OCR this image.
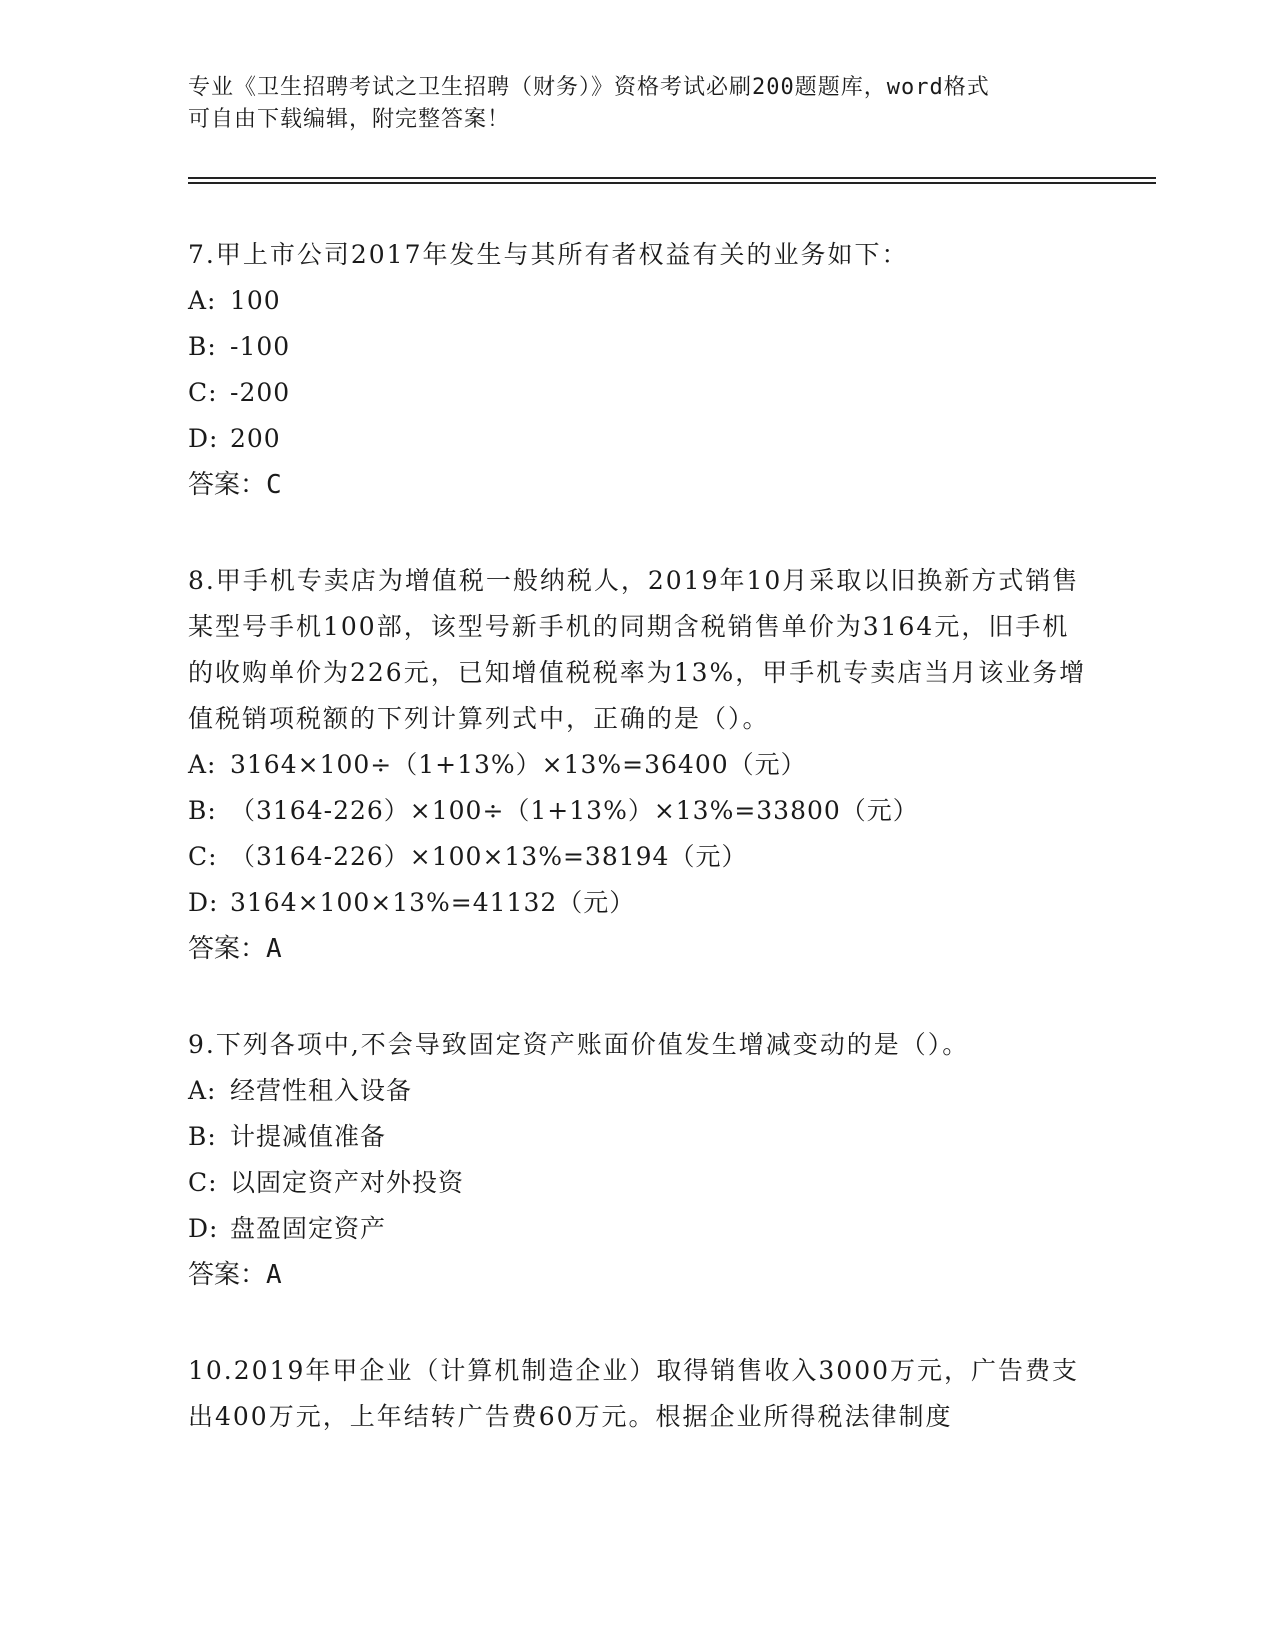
专业《卫生招聘考试之卫生招聘（财务）》资格考试必刷200题题库，word格式
可自由下载编辑，附完整答案！

7.甲上市公司2017年发生与其所有者权益有关的业务如下：

A: 100

B: -100

C: -200

D: 200

答案：C

8.甲手机专卖店为增值税一般纳税人，2019年10月采取以旧换新方式销售某型号手机100部，该型号新手机的同期含税销售单价为3164元，旧手机的收购单价为226元，已知增值税税率为13%，甲手机专卖店当月该业务增值税销项税额的下列计算列式中，正确的是（）。

A: 3164×100÷（1+13%）×13%=36400（元）

B: （3164-226）×100÷（1+13%）×13%=33800（元）

C: （3164-226）×100×13%=38194（元）

D: 3164×100×13%=41132（元）

答案：A

9.下列各项中,不会导致固定资产账面价值发生增减变动的是（）。

A: 经营性租入设备

B: 计提减值准备

C: 以固定资产对外投资

D: 盘盈固定资产

答案：A

10.2019年甲企业（计算机制造企业）取得销售收入3000万元，广告费支出400万元，上年结转广告费60万元。根据企业所得税法律制度
